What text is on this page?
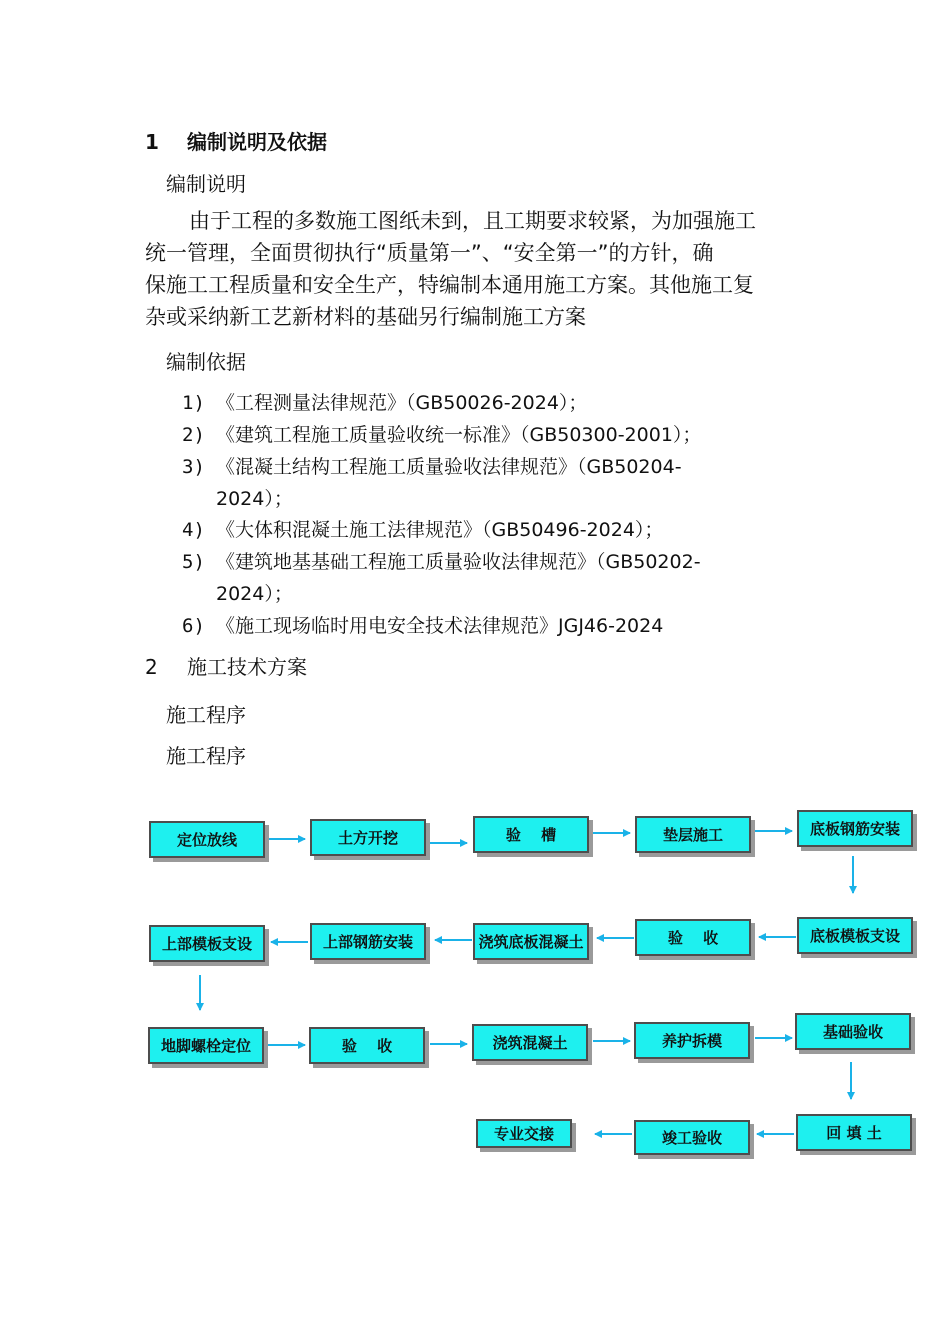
1 编制说明及依据
编制说明
由于工程的多数施工图纸未到，且工期要求较紧，为加强施工
统一管理，全面贯彻执行“质量第一”、“安全第一”的方针，确
保施工工程质量和安全生产，特编制本通用施工方案。其他施工复
杂或采纳新工艺新材料的基础另行编制施工方案
编制依据
1) 《工程测量法律规范》（GB50026-2024）；
2) 《建筑工程施工质量验收统一标准》（GB50300-2001）；
3) 《混凝土结构工程施工质量验收法律规范》（GB50204-
2024）；
4) 《大体积混凝土施工法律规范》（GB50496-2024）；
5) 《建筑地基基础工程施工质量验收法律规范》（GB50202-
2024）；
6) 《施工现场临时用电安全技术法律规范》JGJ46-2024
2 施工技术方案
施工程序
施工程序
定位放线	土方开挖	验　 槽	垫层施工	底板钢筋安装
上部模板支设	上部钢筋安装	浇筑底板混凝土	验　 收	底板模板支设
地脚螺栓定位	验　 收	浇筑混凝土	养护拆模	基础验收
专业交接	竣工验收	回 填 土
